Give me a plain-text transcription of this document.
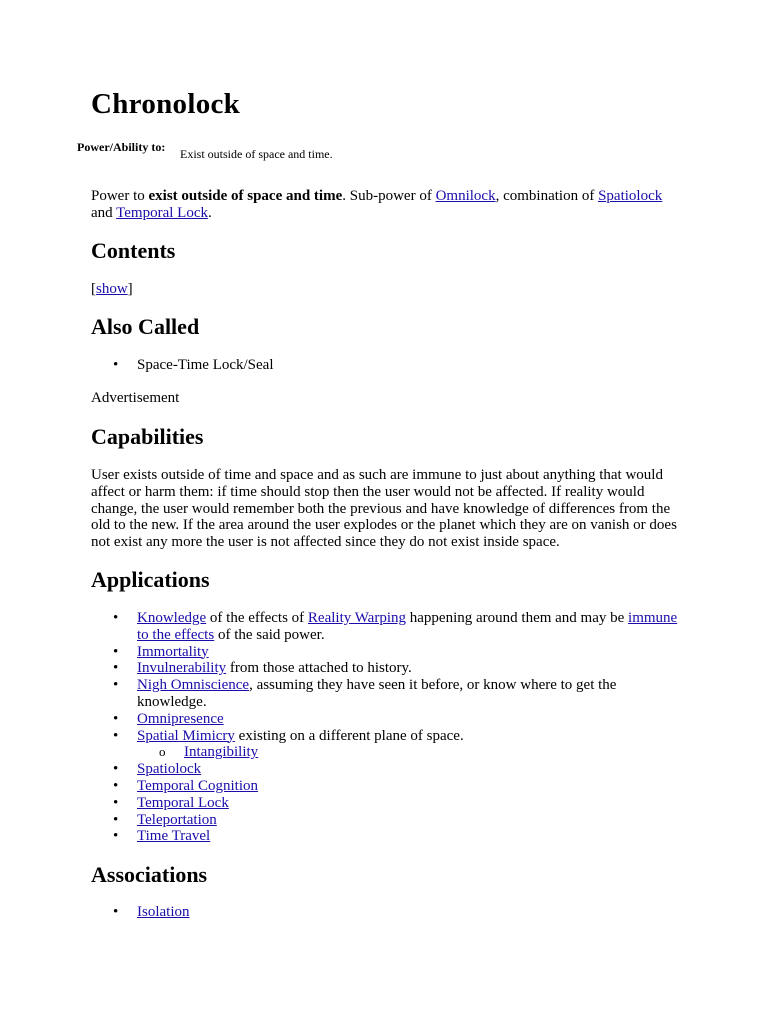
Chronolock
Power/Ability to:	Exist outside of space and time.

Power to exist outside of space and time. Sub-power of Omnilock, combination of Spatiolock and Temporal Lock.

Contents

[show]

Also Called
• Space-Time Lock/Seal

Advertisement

Capabilities

User exists outside of time and space and as such are immune to just about anything that would affect or harm them: if time should stop then the user would not be affected. If reality would change, the user would remember both the previous and have knowledge of differences from the old to the new. If the area around the user explodes or the planet which they are on vanish or does not exist any more the user is not affected since they do not exist inside space.

Applications
• Knowledge of the effects of Reality Warping happening around them and may be immune to the effects of the said power.
• Immortality
• Invulnerability from those attached to history.
• Nigh Omniscience, assuming they have seen it before, or know where to get the knowledge.
• Omnipresence
• Spatial Mimicry existing on a different plane of space.
o Intangibility
• Spatiolock
• Temporal Cognition
• Temporal Lock
• Teleportation
• Time Travel
Associations
• Isolation
